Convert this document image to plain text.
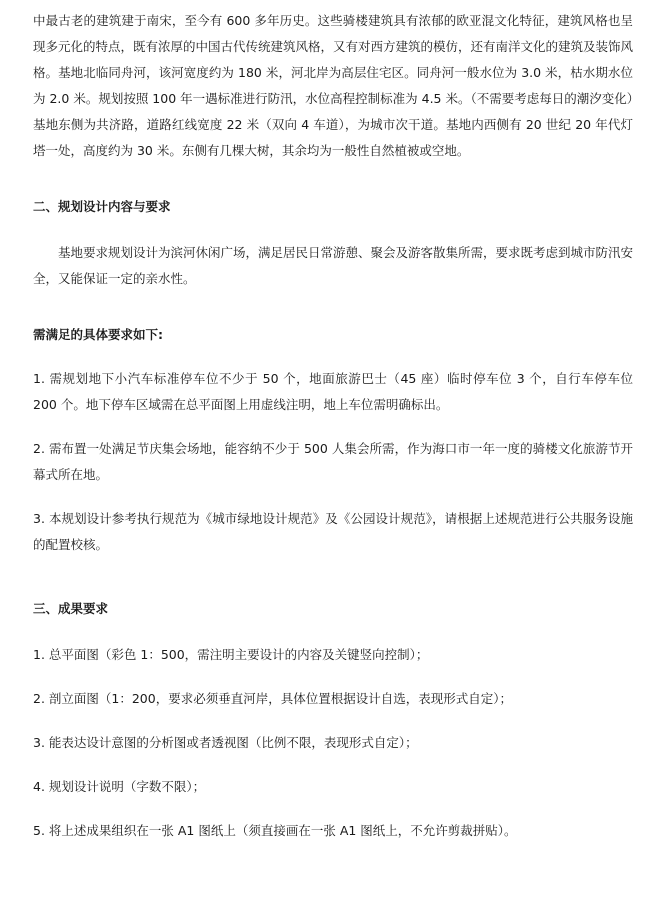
中最古老的建筑建于南宋，至今有 600 多年历史。这些骑楼建筑具有浓郁的欧亚混文化特征，建筑风格也呈现多元化的特点，既有浓厚的中国古代传统建筑风格，又有对西方建筑的模仿，还有南洋文化的建筑及装饰风格。基地北临同舟河，该河宽度约为 180 米，河北岸为高层住宅区。同舟河一般水位为 3.0 米，枯水期水位为 2.0 米。规划按照 100 年一遇标准进行防汛，水位高程控制标准为 4.5 米。（不需要考虑每日的潮汐变化）基地东侧为共济路，道路红线宽度 22 米（双向 4 车道），为城市次干道。基地内西侧有 20 世纪 20 年代灯塔一处，高度约为 30 米。东侧有几棵大树，其余均为一般性自然植被或空地。

二、规划设计内容与要求

基地要求规划设计为滨河休闲广场，满足居民日常游憩、聚会及游客散集所需，要求既考虑到城市防汛安全，又能保证一定的亲水性。

需满足的具体要求如下:

1. 需规划地下小汽车标准停车位不少于 50 个，地面旅游巴士（45 座）临时停车位 3 个，自行车停车位 200 个。地下停车区域需在总平面图上用虚线注明，地上车位需明确标出。

2. 需布置一处满足节庆集会场地，能容纳不少于 500 人集会所需，作为海口市一年一度的骑楼文化旅游节开幕式所在地。

3. 本规划设计参考执行规范为《城市绿地设计规范》及《公园设计规范》，请根据上述规范进行公共服务设施的配置校核。

三、成果要求

1. 总平面图（彩色 1：500，需注明主要设计的内容及关键竖向控制）；

2. 剖立面图（1：200，要求必须垂直河岸，具体位置根据设计自选，表现形式自定）；

3. 能表达设计意图的分析图或者透视图（比例不限，表现形式自定）；

4. 规划设计说明（字数不限）；

5. 将上述成果组织在一张 A1 图纸上（须直接画在一张 A1 图纸上，不允许剪裁拼贴）。
